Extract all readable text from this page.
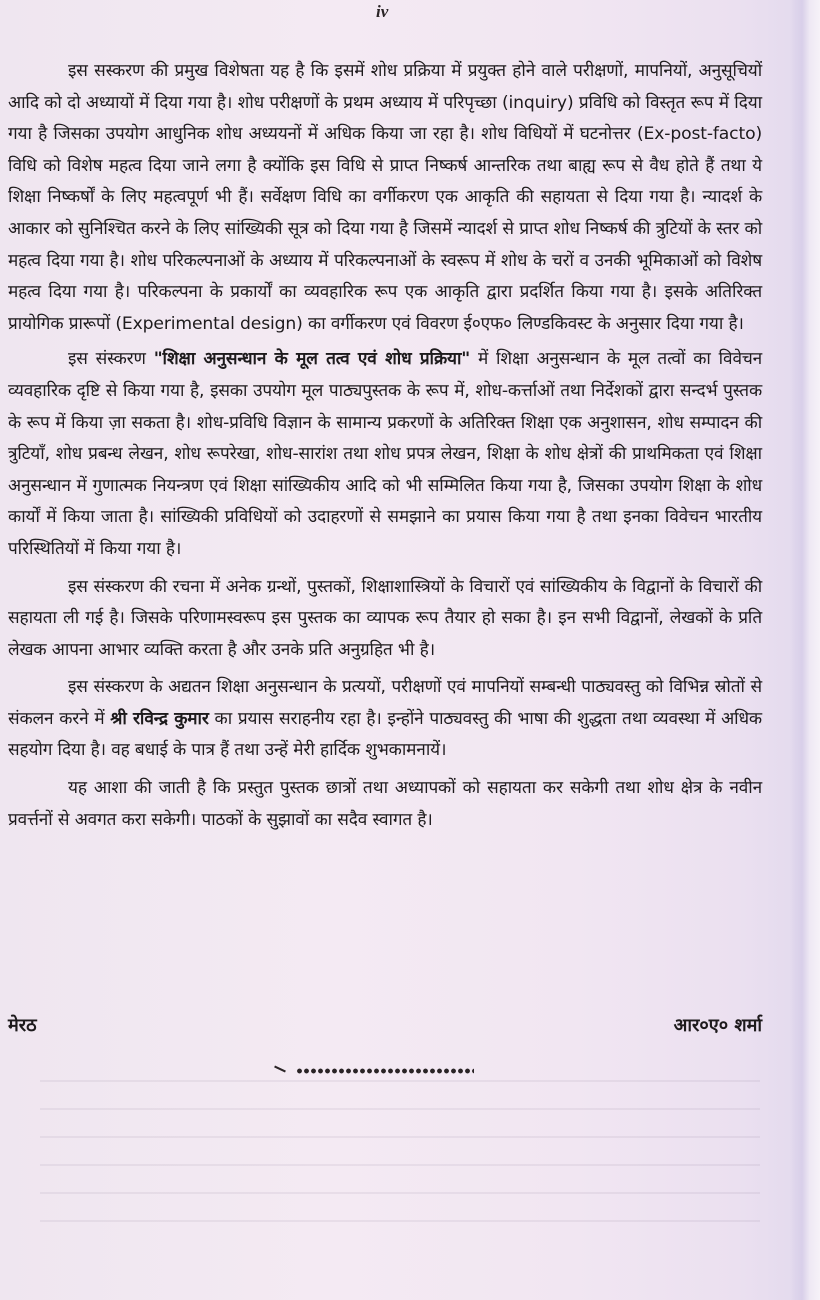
iv

इस सस्करण की प्रमुख विशेषता यह है कि इसमें शोध प्रक्रिया में प्रयुक्त होने वाले परीक्षणों, मापनियों, अनुसूचियों आदि को दो अध्यायों में दिया गया है। शोध परीक्षणों के प्रथम अध्याय में परिपृच्छा (inquiry) प्रविधि को विस्तृत रूप में दिया गया है जिसका उपयोग आधुनिक शोध अध्ययनों में अधिक किया जा रहा है। शोध विधियों में घटनोत्तर (Ex-post-facto) विधि को विशेष महत्व दिया जाने लगा है क्योंकि इस विधि से प्राप्त निष्कर्ष आन्तरिक तथा बाह्य रूप से वैध होते हैं तथा ये शिक्षा निष्कर्षों के लिए महत्वपूर्ण भी हैं। सर्वेक्षण विधि का वर्गीकरण एक आकृति की सहायता से दिया गया है। न्यादर्श के आकार को सुनिश्चित करने के लिए सांख्यिकी सूत्र को दिया गया है जिसमें न्यादर्श से प्राप्त शोध निष्कर्ष की त्रुटियों के स्तर को महत्व दिया गया है। शोध परिकल्पनाओं के अध्याय में परिकल्पनाओं के स्वरूप में शोध के चरों व उनकी भूमिकाओं को विशेष महत्व दिया गया है। परिकल्पना के प्रकार्यों का व्यवहारिक रूप एक आकृति द्वारा प्रदर्शित किया गया है। इसके अतिरिक्त प्रायोगिक प्रारूपों (Experimental design) का वर्गीकरण एवं विवरण ई०एफ० लिण्डकिवस्ट के अनुसार दिया गया है।

इस संस्करण "शिक्षा अनुसन्धान के मूल तत्व एवं शोध प्रक्रिया" में शिक्षा अनुसन्धान के मूल तत्वों का विवेचन व्यवहारिक दृष्टि से किया गया है, इसका उपयोग मूल पाठ्यपुस्तक के रूप में, शोध-कर्त्ताओं तथा निर्देशकों द्वारा सन्दर्भ पुस्तक के रूप में किया ज़ा सकता है। शोध-प्रविधि विज्ञान के सामान्य प्रकरणों के अतिरिक्त शिक्षा एक अनुशासन, शोध सम्पादन की त्रुटियाँ, शोध प्रबन्ध लेखन, शोध रूपरेखा, शोध-सारांश तथा शोध प्रपत्र लेखन, शिक्षा के शोध क्षेत्रों की प्राथमिकता एवं शिक्षा अनुसन्धान में गुणात्मक नियन्त्रण एवं शिक्षा सांख्यिकीय आदि को भी सम्मिलित किया गया है, जिसका उपयोग शिक्षा के शोध कार्यों में किया जाता है। सांख्यिकी प्रविधियों को उदाहरणों से समझाने का प्रयास किया गया है तथा इनका विवेचन भारतीय परिस्थितियों में किया गया है।

इस संस्करण की रचना में अनेक ग्रन्थों, पुस्तकों, शिक्षाशास्त्रियों के विचारों एवं सांख्यिकीय के विद्वानों के विचारों की सहायता ली गई है। जिसके परिणामस्वरूप इस पुस्तक का व्यापक रूप तैयार हो सका है। इन सभी विद्वानों, लेखकों के प्रति लेखक आपना आभार व्यक्ति करता है और उनके प्रति अनुग्रहित भी है।

इस संस्करण के अद्यतन शिक्षा अनुसन्धान के प्रत्ययों, परीक्षणों एवं मापनियों सम्बन्धी पाठ्यवस्तु को विभिन्न स्रोतों से संकलन करने में श्री रविन्द्र कुमार का प्रयास सराहनीय रहा है। इन्होंने पाठ्यवस्तु की भाषा की शुद्धता तथा व्यवस्था में अधिक सहयोग दिया है। वह बधाई के पात्र हैं तथा उन्हें मेरी हार्दिक शुभकामनायें।

यह आशा की जाती है कि प्रस्तुत पुस्तक छात्रों तथा अध्यापकों को सहायता कर सकेगी तथा शोध क्षेत्र के नवीन प्रवर्त्तनों से अवगत करा सकेगी। पाठकों के सुझावों का सदैव स्वागत है।

मेरठ	आर०ए० शर्मा
